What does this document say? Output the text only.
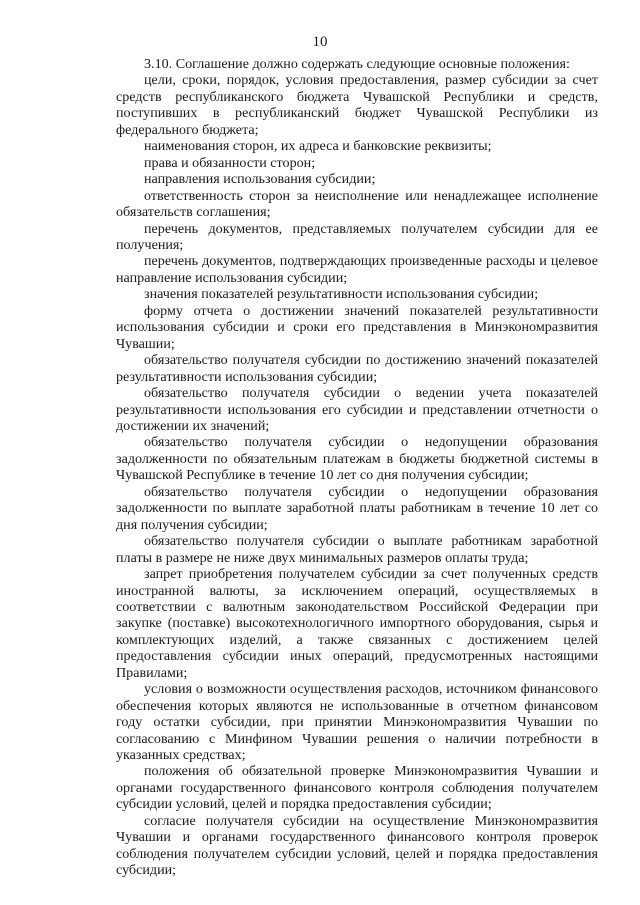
10

3.10. Соглашение должно содержать следующие основные положения:

цели, сроки, порядок, условия предоставления, размер субсидии за счет средств республиканского бюджета Чувашской Республики и средств, поступивших в республиканский бюджет Чувашской Республики из федерального бюджета;

наименования сторон, их адреса и банковские реквизиты;

права и обязанности сторон;

направления использования субсидии;

ответственность сторон за неисполнение или ненадлежащее исполнение обязательств соглашения;

перечень документов, представляемых получателем субсидии для ее получения;

перечень документов, подтверждающих произведенные расходы и целевое направление использования субсидии;

значения показателей результативности использования субсидии;

форму отчета о достижении значений показателей результативности использования субсидии и сроки его представления в Минэкономразвития Чувашии;

обязательство получателя субсидии по достижению значений показателей результативности использования субсидии;

обязательство получателя субсидии о ведении учета показателей результативности использования его субсидии и представлении отчетности о достижении их значений;

обязательство получателя субсидии о недопущении образования задолженности по обязательным платежам в бюджеты бюджетной системы в Чувашской Республике в течение 10 лет со дня получения субсидии;

обязательство получателя субсидии о недопущении образования задолженности по выплате заработной платы работникам в течение 10 лет со дня получения субсидии;

обязательство получателя субсидии о выплате работникам заработной платы в размере не ниже двух минимальных размеров оплаты труда;

запрет приобретения получателем субсидии за счет полученных средств иностранной валюты, за исключением операций, осуществляемых в соответствии с валютным законодательством Российской Федерации при закупке (поставке) высокотехнологичного импортного оборудования, сырья и комплектующих изделий, а также связанных с достижением целей предоставления субсидии иных операций, предусмотренных настоящими Правилами;

условия о возможности осуществления расходов, источником финансового обеспечения которых являются не использованные в отчетном финансовом году остатки субсидии, при принятии Минэкономразвития Чувашии по согласованию с Минфином Чувашии решения о наличии потребности в указанных средствах;

положения об обязательной проверке Минэкономразвития Чувашии и органами государственного финансового контроля соблюдения получателем субсидии условий, целей и порядка предоставления субсидии;

согласие получателя субсидии на осуществление Минэкономразвития Чувашии и органами государственного финансового контроля проверок соблюдения получателем субсидии условий, целей и порядка предоставления субсидии;
